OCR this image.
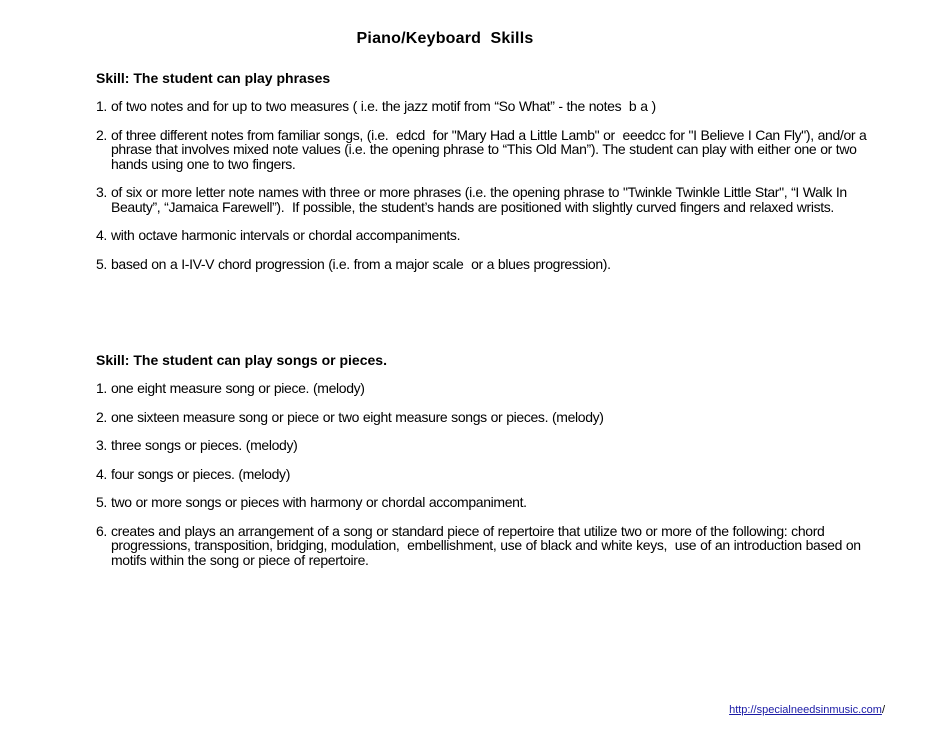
Piano/Keyboard  Skills
Skill: The student can play phrases
1. of two notes and for up to two measures ( i.e. the jazz motif from “So What” - the notes  b a )
2. of three different notes from familiar songs, (i.e.  edcd  for "Mary Had a Little Lamb" or  eeedcc for "I Believe I Can Fly"), and/or a phrase that involves mixed note values (i.e. the opening phrase to “This Old Man”). The student can play with either one or two hands using one to two fingers.
3. of six or more letter note names with three or more phrases (i.e. the opening phrase to "Twinkle Twinkle Little Star", “I Walk In Beauty”, “Jamaica Farewell”).  If possible, the student’s hands are positioned with slightly curved fingers and relaxed wrists.
4. with octave harmonic intervals or chordal accompaniments.
5. based on a I-IV-V chord progression (i.e. from a major scale  or a blues progression).
Skill: The student can play songs or pieces.
1. one eight measure song or piece. (melody)
2. one sixteen measure song or piece or two eight measure songs or pieces. (melody)
3. three songs or pieces. (melody)
4. four songs or pieces. (melody)
5. two or more songs or pieces with harmony or chordal accompaniment.
6. creates and plays an arrangement of a song or standard piece of repertoire that utilize two or more of the following: chord progressions, transposition, bridging, modulation,  embellishment, use of black and white keys,  use of an introduction based on motifs within the song or piece of repertoire.
http://specialneedsinmusic.com/
